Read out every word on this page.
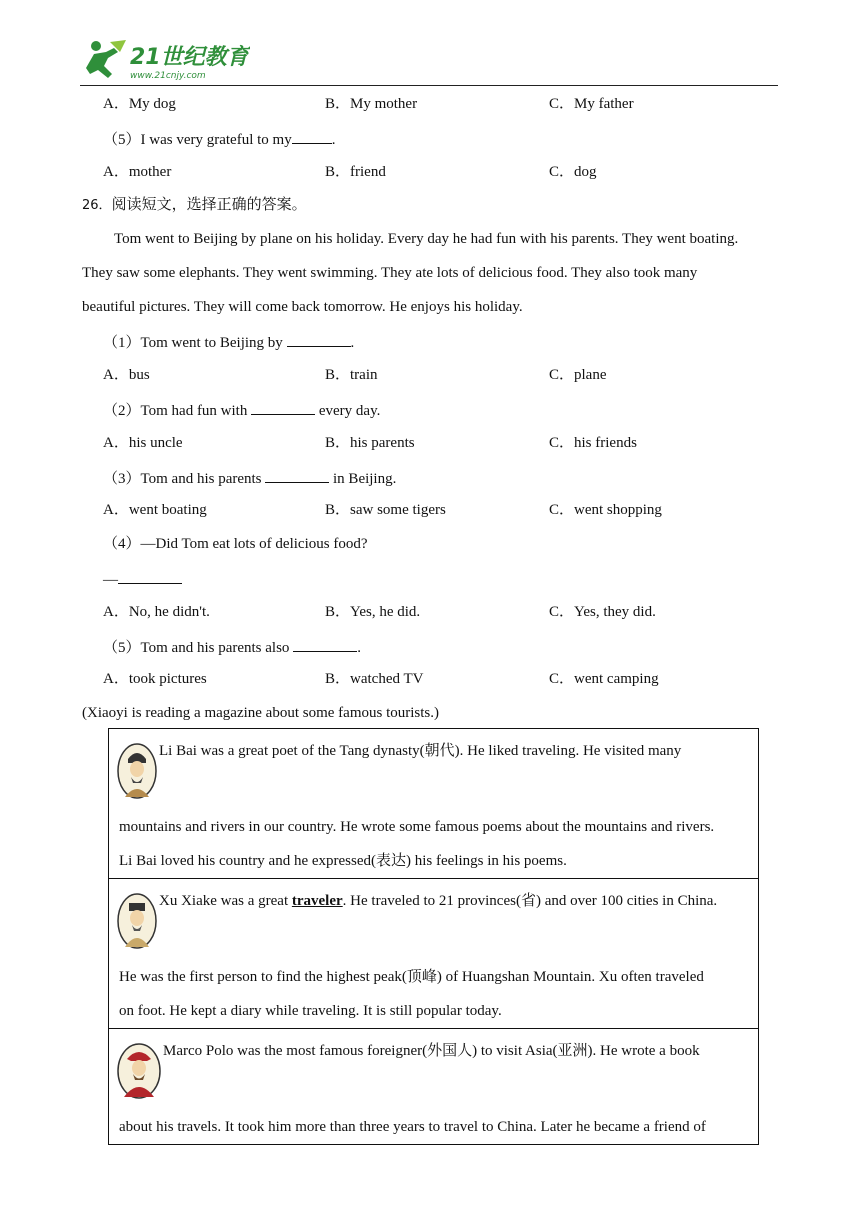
21世纪教育
www.21cnjy.com
A．My dog	B．My mother	C．My father
（5）I was very grateful to my	.
A．mother	B．friend	C．dog
26．阅读短文，选择正确的答案。
Tom went to Beijing by plane on his holiday. Every day he had fun with his parents. They went boating.
They saw some elephants. They went swimming. They ate lots of delicious food. They also took many
beautiful pictures. They will come back tomorrow. He enjoys his holiday.
（1）Tom went to Beijing by	.
A．bus	B．train	C．plane
（2）Tom had fun with	every day.
A．his uncle	B．his parents	C．his friends
（3）Tom and his parents	in Beijing.
A．went boating	B．saw some tigers	C．went shopping
（4）—Did Tom eat lots of delicious food?
—
A．No, he didn't.	B．Yes, he did.	C．Yes, they did.
（5）Tom and his parents also	.
A．took pictures	B．watched TV	C．went camping
(Xiaoyi is reading a magazine about some famous tourists.)
Li Bai was a great poet of the Tang dynasty(朝代). He liked traveling. He visited many
mountains and rivers in our country. He wrote some famous poems about the mountains and rivers.
Li Bai loved his country and he expressed(表达) his feelings in his poems.

Xu Xiake was a great traveler. He traveled to 21 provinces(省) and over 100 cities in China.
He was the first person to find the highest peak(顶峰) of Huangshan Mountain. Xu often traveled
on foot. He kept a diary while traveling. It is still popular today.

Marco Polo was the most famous foreigner(外国人) to visit Asia(亚洲). He wrote a book
about his travels. It took him more than three years to travel to China. Later he became a friend of
